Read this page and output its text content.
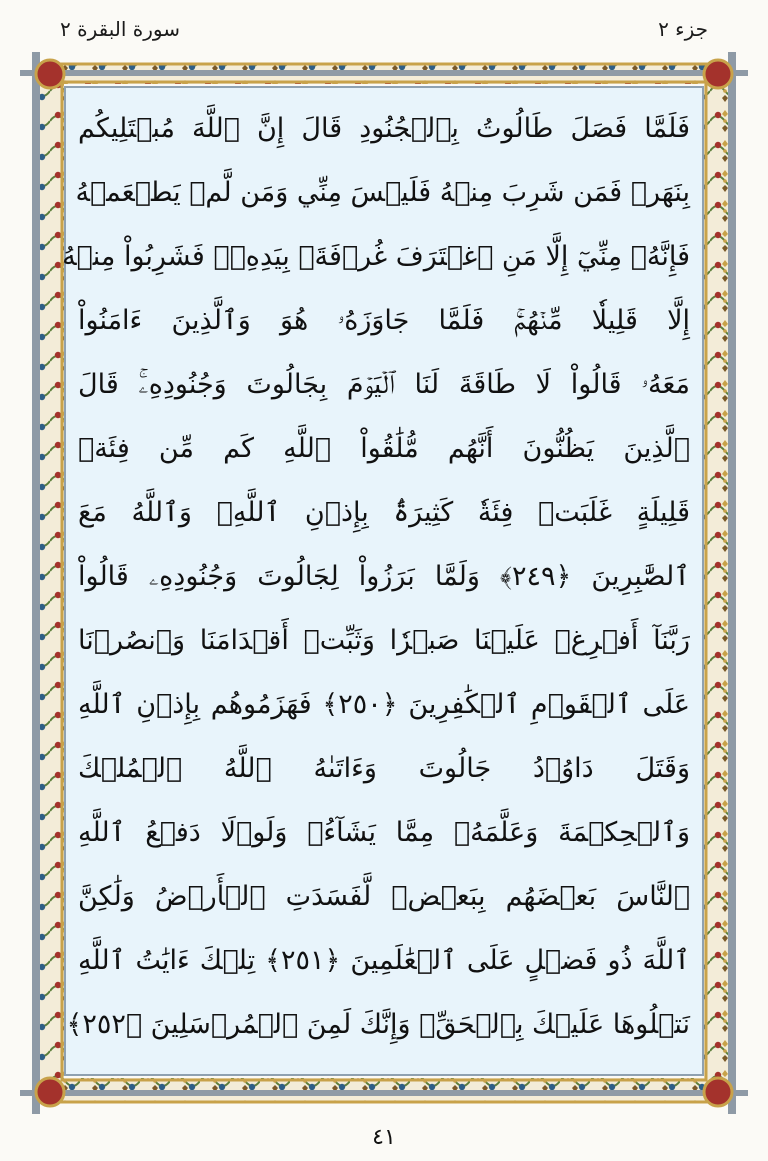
جزء ٢
سورة البقرة ٢
فَلَمَّا فَصَلَ طَالُوتُ بِٱلۡجُنُودِ قَالَ إِنَّ ٱللَّهَ مُبۡتَلِيكُم
بِنَهَرٖ فَمَن شَرِبَ مِنۡهُ فَلَيۡسَ مِنِّي وَمَن لَّمۡ يَطۡعَمۡهُ
فَإِنَّهُۥ مِنِّيٓ إِلَّا مَنِ ٱغۡتَرَفَ غُرۡفَةَۢ بِيَدِهِۦۚ فَشَرِبُواْ مِنۡهُ
إِلَّا قَلِيلٗا مِّنۡهُمۡۚ فَلَمَّا جَاوَزَهُۥ هُوَ وَٱلَّذِينَ ءَامَنُواْ
مَعَهُۥ قَالُواْ لَا طَاقَةَ لَنَا ٱلۡيَوۡمَ بِجَالُوتَ وَجُنُودِهِۦۚ قَالَ
ٱلَّذِينَ يَظُنُّونَ أَنَّهُم مُّلَٰقُواْ ٱللَّهِ كَم مِّن فِئَةٖ
قَلِيلَةٍ غَلَبَتۡ فِئَةٗ كَثِيرَةَۢ بِإِذۡنِ ٱللَّهِۗ وَٱللَّهُ مَعَ
ٱلصَّٰبِرِينَ ﴿٢٤٩﴾ وَلَمَّا بَرَزُواْ لِجَالُوتَ وَجُنُودِهِۦ قَالُواْ
رَبَّنَآ أَفۡرِغۡ عَلَيۡنَا صَبۡرٗا وَثَبِّتۡ أَقۡدَامَنَا وَٱنصُرۡنَا
عَلَى ٱلۡقَوۡمِ ٱلۡكَٰفِرِينَ ﴿٢٥٠﴾ فَهَزَمُوهُم بِإِذۡنِ ٱللَّهِ
وَقَتَلَ دَاوُۥدُ جَالُوتَ وَءَاتَىٰهُ ٱللَّهُ ٱلۡمُلۡكَ
وَٱلۡحِكۡمَةَ وَعَلَّمَهُۥ مِمَّا يَشَآءُۗ وَلَوۡلَا دَفۡعُ ٱللَّهِ
ٱلنَّاسَ بَعۡضَهُم بِبَعۡضٖ لَّفَسَدَتِ ٱلۡأَرۡضُ وَلَٰكِنَّ
ٱللَّهَ ذُو فَضۡلٍ عَلَى ٱلۡعَٰلَمِينَ ﴿٢٥١﴾ تِلۡكَ ءَايَٰتُ ٱللَّهِ
نَتۡلُوهَا عَلَيۡكَ بِٱلۡحَقِّۚ وَإِنَّكَ لَمِنَ ٱلۡمُرۡسَلِينَ ﴿٢٥٢﴾
٤١
